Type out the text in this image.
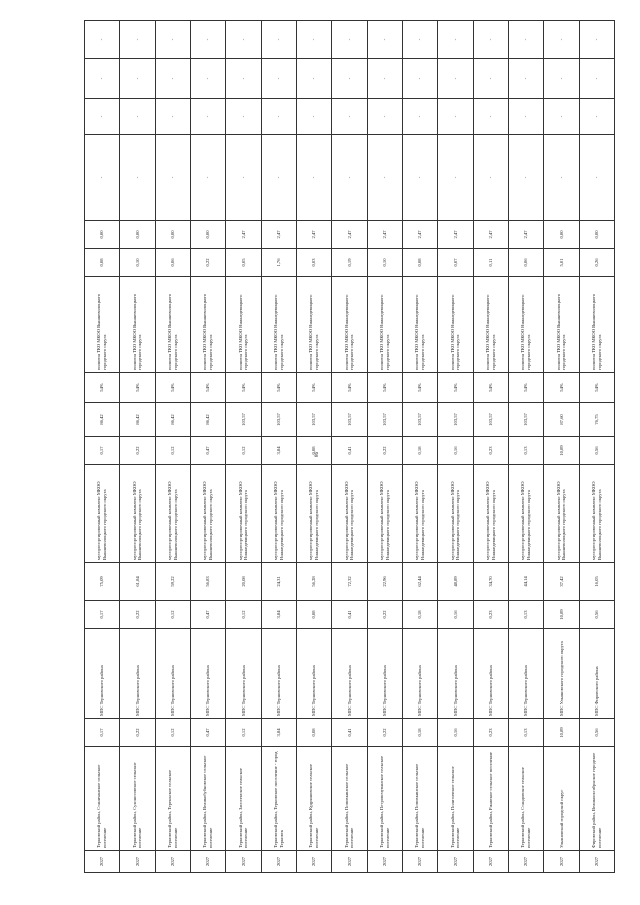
86
2027	Терновский район, Станичанское сельское поселение	0,17	МПС Терновского района	0,17	75,09	мусоросортировочный комплекс МКОО Вышневолоцкого городского округа	0,17	86,42	54%	полигон ТКО МКОО Вышневолоцкого городского округа	0,08	0,00	-	-	-	-
2027	Терновский район, Сухоносовское сельское поселение	0,22	МПС Терновского района	0,22	61,84	мусоросортировочный комплекс МКОО Вышневолоцкого городского округа	0,22	86,42	54%	полигон ТКО МКОО Вышневолоцкого городского округа	0,10	0,00	-	-	-	-
2027	Терновский район, Тереньское сельское поселение	0,12	МПС Терновского района	0,12	59,22	мусоросортировочный комплекс МКОО Вышневолоцкого городского округа	0,12	86,42	54%	полигон ТКО МКОО Вышневолоцкого городского округа	0,06	0,00	-	-	-	-
2027	Терновский район, Великобубновское сельское поселение	0,47	МПС Терновского района	0,47	56,83	мусоросортировочный комплекс МКОО Вышневолоцкого городского округа	0,47	86,42	54%	полигон ТКО МКОО Вышневолоцкого городского округа	0,22	0,00	-	-	-	-
2027	Терновский район, Засосенское сельское поселение	0,12	МПС Терновского района	0,12	20,08	мусоросортировочный комплекс МКОО Нижнедевицкого городского округа	0,12	103,57	54%	полигон ТКО МКОО Нижнедевицкого городского округа	0,05	2,47	-	-	-	-
2027	Терновский район, Терновское поселение - город Терновск	3,84	МПС Терновского района	3,84	24,31	мусоросортировочный комплекс МКОО Нижнедевицкого городского округа	3,84	103,57	54%	полигон ТКО МКОО Нижнедевицкого городского округа	1,76	2,47	-	-	-	-
2027	Терновский район, Кудряшовское сельское поселение	0,08	МПС Терновского района	0,08	56,28	мусоросортировочный комплекс МКОО Нижнедевицкого городского округа	0,08	103,57	54%	полигон ТКО МКОО Нижнедевицкого городского округа	0,03	2,47	-	-	-	-
2027	Терновский район, Поповкинское сельское поселение	0,41	МПС Терновского района	0,41	72,32	мусоросортировочный комплекс МКОО Нижнедевицкого городского округа	0,41	103,57	54%	полигон ТКО МКОО Нижнедевицкого городского округа	0,19	2,47	-	-	-	-
2027	Терновский район, Петровочуванское сельское поселение	0,22	МПС Терновского района	0,22	22,96	мусоросортировочный комплекс МКОО Нижнедевицкого городского округа	0,22	103,57	54%	полигон ТКО МКОО Нижнедевицкого городского округа	0,10	2,47	-	-	-	-
2027	Терновский район, Поповкинское сельское поселение	0,18	МПС Терновского района	0,18	62,44	мусоросортировочный комплекс МКОО Нижнедевицкого городского округа	0,18	103,57	54%	полигон ТКО МКОО Нижнедевицкого городского округа	0,08	2,47	-	-	-	-
2027	Терновский район, Политичское сельское поселение	0,16	МПС Терновского района	0,16	48,89	мусоросортировочный комплекс МКОО Нижнедевицкого городского округа	0,16	103,57	54%	полигон ТКО МКОО Нижнедевицкого городского округа	0,07	2,47	-	-	-	-
2027	Терновский район, Ржавское сельское поселение	0,23	МПС Терновского района	0,23	34,70	мусоросортировочный комплекс МКОО Нижнедевицкого городского округа	0,23	103,57	54%	полигон ТКО МКОО Нижнедевицкого городского округа	0,11	2,47	-	-	-	-
2027	Терновский район, Стандовское сельское поселение	0,13	МПС Терновского района	0,13	44,14	мусоросортировочный комплекс МКОО Нижнедевицкого городского округа	0,13	103,57	54%	полигон ТКО МКОО Нижнедевицкого городского округа	0,06	2,47	-	-	-	-
2027	Ульяновский городской округ	10,89	МПС Ульяновского городского округа	10,89	37,42	мусоросортировочный комплекс МКОО Вышневолоцкого городского округа	10,89	87,60	54%	полигон ТКО МКОО Вышневолоцкого городского округа	5,01	0,00	-	-	-	-
2027	Фировский район, Великооктябрьское городское поселение	0,56	МПС Фировского района	0,56	16,05	мусоросортировочный комплекс МКОО Вышневолоцкого городского округа	0,56	76,75	54%	полигон ТКО МКОО Вышневолоцкого городского округа	0,26	0,00	-	-	-	-
